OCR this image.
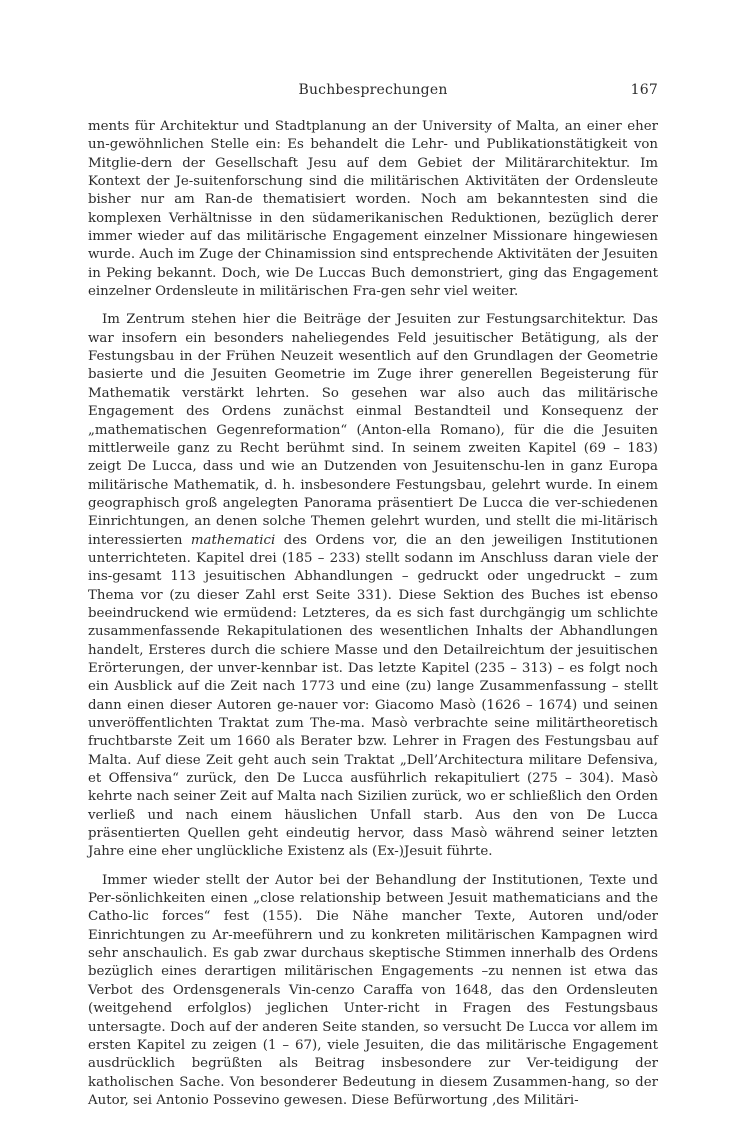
Buchbesprechungen	167

ments für Architektur und Stadtplanung an der University of Malta, an einer eher un-gewöhnlichen Stelle ein: Es behandelt die Lehr- und Publikationstätigkeit von Mitglie-dern der Gesellschaft Jesu auf dem Gebiet der Militärarchitektur. Im Kontext der Je-suitenforschung sind die militärischen Aktivitäten der Ordensleute bisher nur am Ran-de thematisiert worden. Noch am bekanntesten sind die komplexen Verhältnisse in den südamerikanischen Reduktionen, bezüglich derer immer wieder auf das militärische Engagement einzelner Missionare hingewiesen wurde. Auch im Zuge der Chinamission sind entsprechende Aktivitäten der Jesuiten in Peking bekannt. Doch, wie De Luccas Buch demonstriert, ging das Engagement einzelner Ordensleute in militärischen Fra-gen sehr viel weiter.

Im Zentrum stehen hier die Beiträge der Jesuiten zur Festungsarchitektur. Das war insofern ein besonders naheliegendes Feld jesuitischer Betätigung, als der Festungsbau in der Frühen Neuzeit wesentlich auf den Grundlagen der Geometrie basierte und die Jesuiten Geometrie im Zuge ihrer generellen Begeisterung für Mathematik verstärkt lehrten. So gesehen war also auch das militärische Engagement des Ordens zunächst einmal Bestandteil und Konsequenz der „mathematischen Gegenreformation“ (Anton-ella Romano), für die die Jesuiten mittlerweile ganz zu Recht berühmt sind. In seinem zweiten Kapitel (69 – 183) zeigt De Lucca, dass und wie an Dutzenden von Jesuitenschu-len in ganz Europa militärische Mathematik, d. h. insbesondere Festungsbau, gelehrt wurde. In einem geographisch groß angelegten Panorama präsentiert De Lucca die ver-schiedenen Einrichtungen, an denen solche Themen gelehrt wurden, und stellt die mi-litärisch interessierten mathematici des Ordens vor, die an den jeweiligen Institutionen unterrichteten. Kapitel drei (185 – 233) stellt sodann im Anschluss daran viele der ins-gesamt 113 jesuitischen Abhandlungen – gedruckt oder ungedruckt – zum Thema vor (zu dieser Zahl erst Seite 331). Diese Sektion des Buches ist ebenso beeindruckend wie ermüdend: Letzteres, da es sich fast durchgängig um schlichte zusammenfassende Rekapitulationen des wesentlichen Inhalts der Abhandlungen handelt, Ersteres durch die schiere Masse und den Detailreichtum der jesuitischen Erörterungen, der unver-kennbar ist. Das letzte Kapitel (235 – 313) – es folgt noch ein Ausblick auf die Zeit nach 1773 und eine (zu) lange Zusammenfassung – stellt dann einen dieser Autoren ge-nauer vor: Giacomo Masò (1626 – 1674) und seinen unveröffentlichten Traktat zum The-ma. Masò verbrachte seine militärtheoretisch fruchtbarste Zeit um 1660 als Berater bzw. Lehrer in Fragen des Festungsbau auf Malta. Auf diese Zeit geht auch sein Traktat „Dell’Architectura militare Defensiva, et Offensiva“ zurück, den De Lucca ausführlich rekapituliert (275 – 304). Masò kehrte nach seiner Zeit auf Malta nach Sizilien zurück, wo er schließlich den Orden verließ und nach einem häuslichen Unfall starb. Aus den von De Lucca präsentierten Quellen geht eindeutig hervor, dass Masò während seiner letzten Jahre eine eher unglückliche Existenz als (Ex-)Jesuit führte.

Immer wieder stellt der Autor bei der Behandlung der Institutionen, Texte und Per-sönlichkeiten einen „close relationship between Jesuit mathematicians and the Catho-lic forces“ fest (155). Die Nähe mancher Texte, Autoren und/oder Einrichtungen zu Ar-meeführern und zu konkreten militärischen Kampagnen wird sehr anschaulich. Es gab zwar durchaus skeptische Stimmen innerhalb des Ordens bezüglich eines derartigen militärischen Engagements –zu nennen ist etwa das Verbot des Ordensgenerals Vin-cenzo Caraffa von 1648, das den Ordensleuten (weitgehend erfolglos) jeglichen Unter-richt in Fragen des Festungsbaus untersagte. Doch auf der anderen Seite standen, so versucht De Lucca vor allem im ersten Kapitel zu zeigen (1 – 67), viele Jesuiten, die das militärische Engagement ausdrücklich begrüßten als Beitrag insbesondere zur Ver-teidigung der katholischen Sache. Von besonderer Bedeutung in diesem Zusammen-hang, so der Autor, sei Antonio Possevino gewesen. Diese Befürwortung ‚des Militäri-
